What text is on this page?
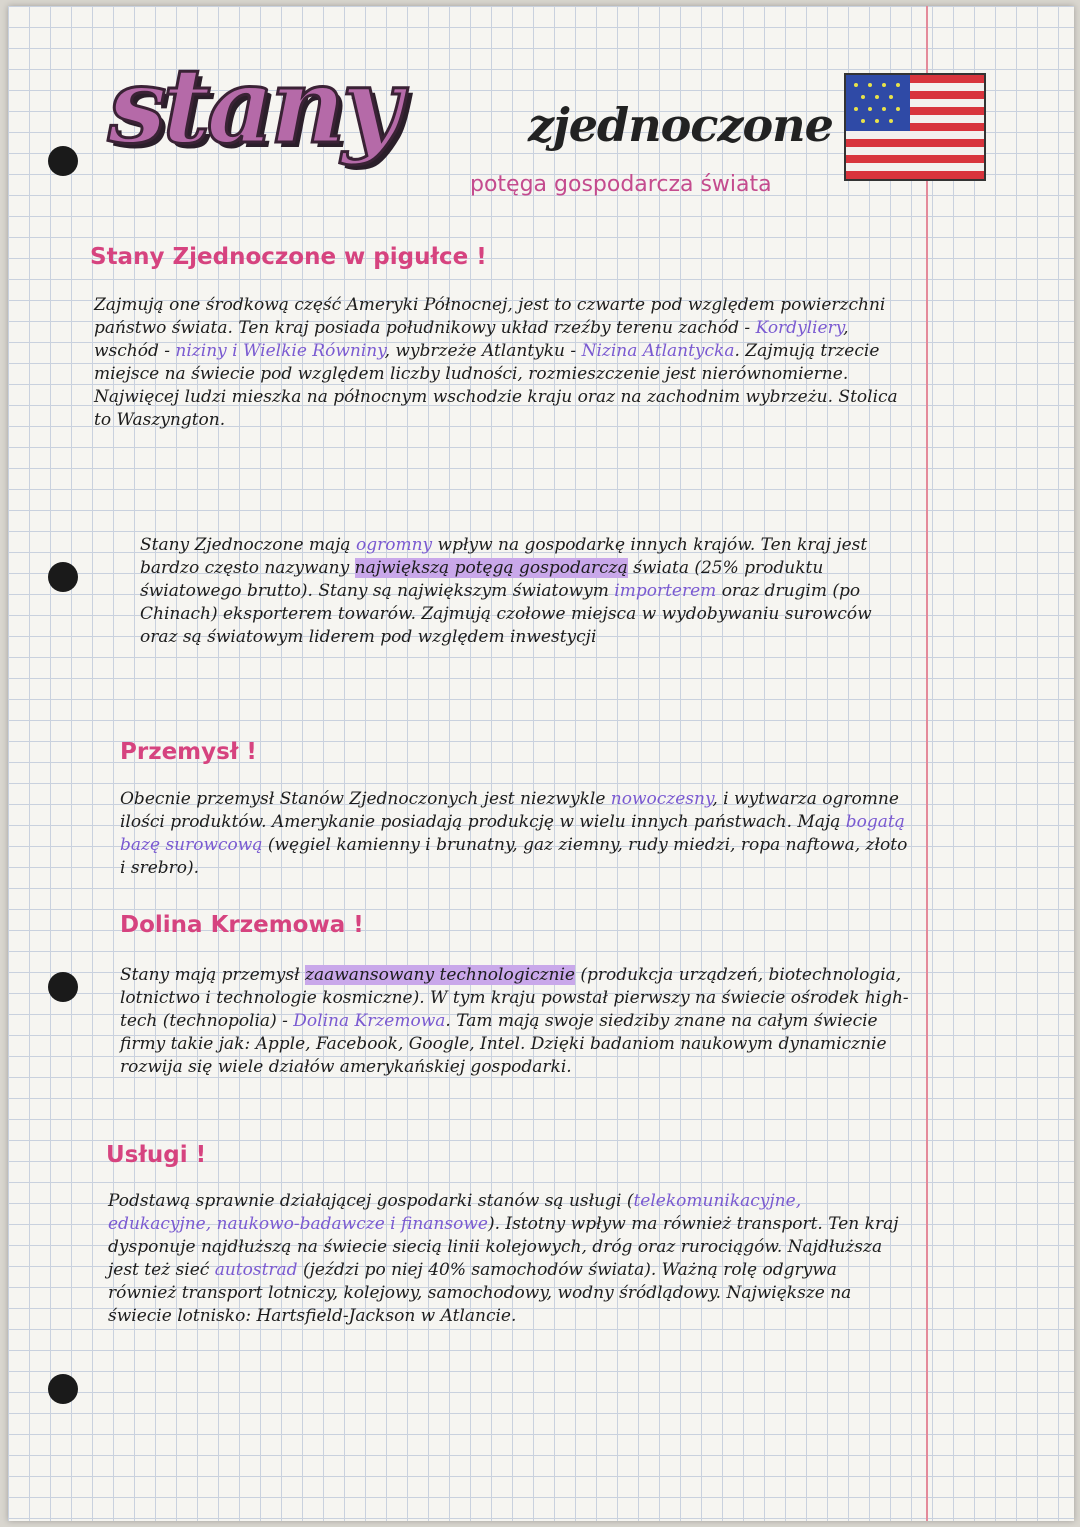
stany	zjednoczone
potęga gospodarcza świata
Stany Zjednoczone w pigułce !

Zajmują one środkową część Ameryki Północnej, jest to czwarte pod względem powierzchni państwo świata. Ten kraj posiada południkowy układ rzeźby terenu zachód - Kordyliery, wschód - niziny i Wielkie Równiny, wybrzeże Atlantyku - Nizina Atlantycka. Zajmują trzecie miejsce na świecie pod względem liczby ludności, rozmieszczenie jest nierównomierne. Najwięcej ludzi mieszka na północnym wschodzie kraju oraz na zachodnim wybrzeżu. Stolica to Waszyngton.

Stany Zjednoczone mają ogromny wpływ na gospodarkę innych krajów. Ten kraj jest bardzo często nazywany największą potęgą gospodarczą świata (25% produktu światowego brutto). Stany są największym światowym importerem oraz drugim (po Chinach) eksporterem towarów. Zajmują czołowe miejsca w wydobywaniu surowców oraz są światowym liderem pod względem inwestycji

Przemysł !

Obecnie przemysł Stanów Zjednoczonych jest niezwykle nowoczesny, i wytwarza ogromne ilości produktów. Amerykanie posiadają produkcję w wielu innych państwach. Mają bogatą bazę surowcową (węgiel kamienny i brunatny, gaz ziemny, rudy miedzi, ropa naftowa, złoto i srebro).

Dolina Krzemowa !

Stany mają przemysł zaawansowany technologicznie (produkcja urządzeń, biotechnologia, lotnictwo i technologie kosmiczne). W tym kraju powstał pierwszy na świecie ośrodek high-tech (technopolia) - Dolina Krzemowa. Tam mają swoje siedziby znane na całym świecie firmy takie jak: Apple, Facebook, Google, Intel. Dzięki badaniom naukowym dynamicznie rozwija się wiele działów amerykańskiej gospodarki.

Usługi !

Podstawą sprawnie działającej gospodarki stanów są usługi (telekomunikacyjne, edukacyjne, naukowo-badawcze i finansowe). Istotny wpływ ma również transport. Ten kraj dysponuje najdłuższą na świecie siecią linii kolejowych, dróg oraz rurociągów. Najdłuższa jest też sieć autostrad (jeździ po niej 40% samochodów świata). Ważną rolę odgrywa również transport lotniczy, kolejowy, samochodowy, wodny śródlądowy. Największe na świecie lotnisko: Hartsfield-Jackson w Atlancie.
